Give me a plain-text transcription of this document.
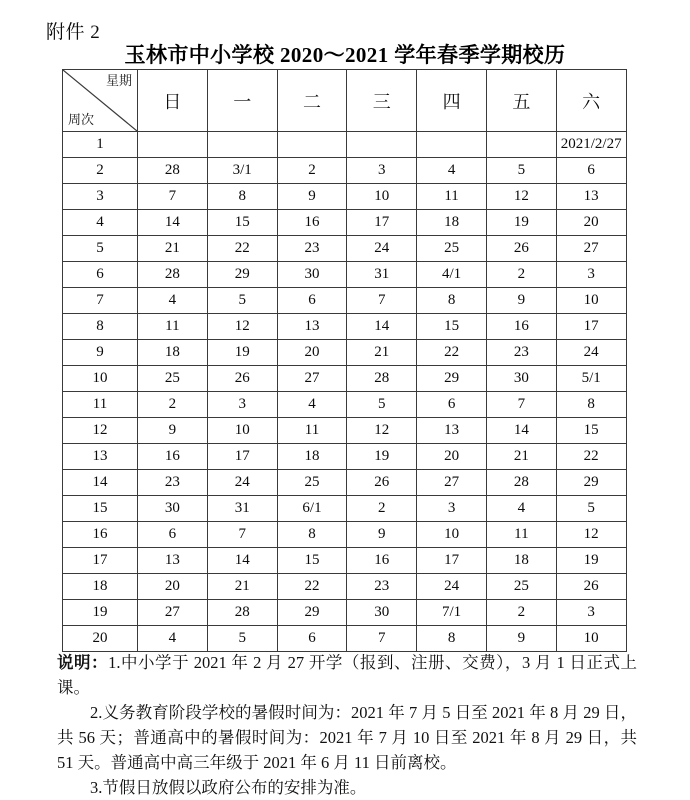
附件 2
玉林市中小学校 2020～2021 学年春季学期校历
星期
周次	日	一	二	三	四	五	六
1							2021/2/27
2	28	3/1	2	3	4	5	6
3	7	8	9	10	11	12	13
4	14	15	16	17	18	19	20
5	21	22	23	24	25	26	27
6	28	29	30	31	4/1	2	3
7	4	5	6	7	8	9	10
8	11	12	13	14	15	16	17
9	18	19	20	21	22	23	24
10	25	26	27	28	29	30	5/1
11	2	3	4	5	6	7	8
12	9	10	11	12	13	14	15
13	16	17	18	19	20	21	22
14	23	24	25	26	27	28	29
15	30	31	6/1	2	3	4	5
16	6	7	8	9	10	11	12
17	13	14	15	16	17	18	19
18	20	21	22	23	24	25	26
19	27	28	29	30	7/1	2	3
20	4	5	6	7	8	9	10

说明：1.中小学于 2021 年 2 月 27 开学（报到、注册、交费），3 月 1 日正式上课。

2.义务教育阶段学校的暑假时间为：2021 年 7 月 5 日至 2021 年 8 月 29 日，共 56 天；普通高中的暑假时间为：2021 年 7 月 10 日至 2021 年 8 月 29 日，共 51 天。普通高中高三年级于 2021 年 6 月 11 日前离校。

3.节假日放假以政府公布的安排为准。
